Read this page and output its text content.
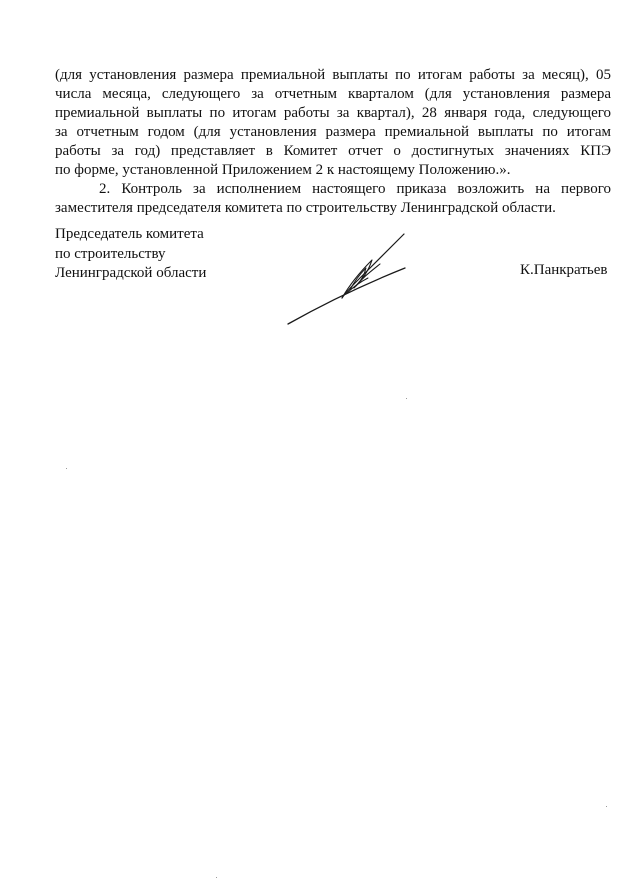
(для установления размера премиальной выплаты по итогам работы за месяц), 05
числа месяца, следующего за отчетным кварталом (для установления размера
премиальной выплаты по итогам работы за квартал), 28 января года, следующего
за отчетным годом (для установления размера премиальной выплаты по итогам
работы за год) представляет в Комитет отчет о достигнутых значениях КПЭ
по форме, установленной Приложением 2 к настоящему Положению.».
2. Контроль за исполнением настоящего приказа возложить на первого
заместителя председателя комитета по строительству Ленинградской области.
Председатель комитета
по строительству
Ленинградской области	К.Панкратьев
